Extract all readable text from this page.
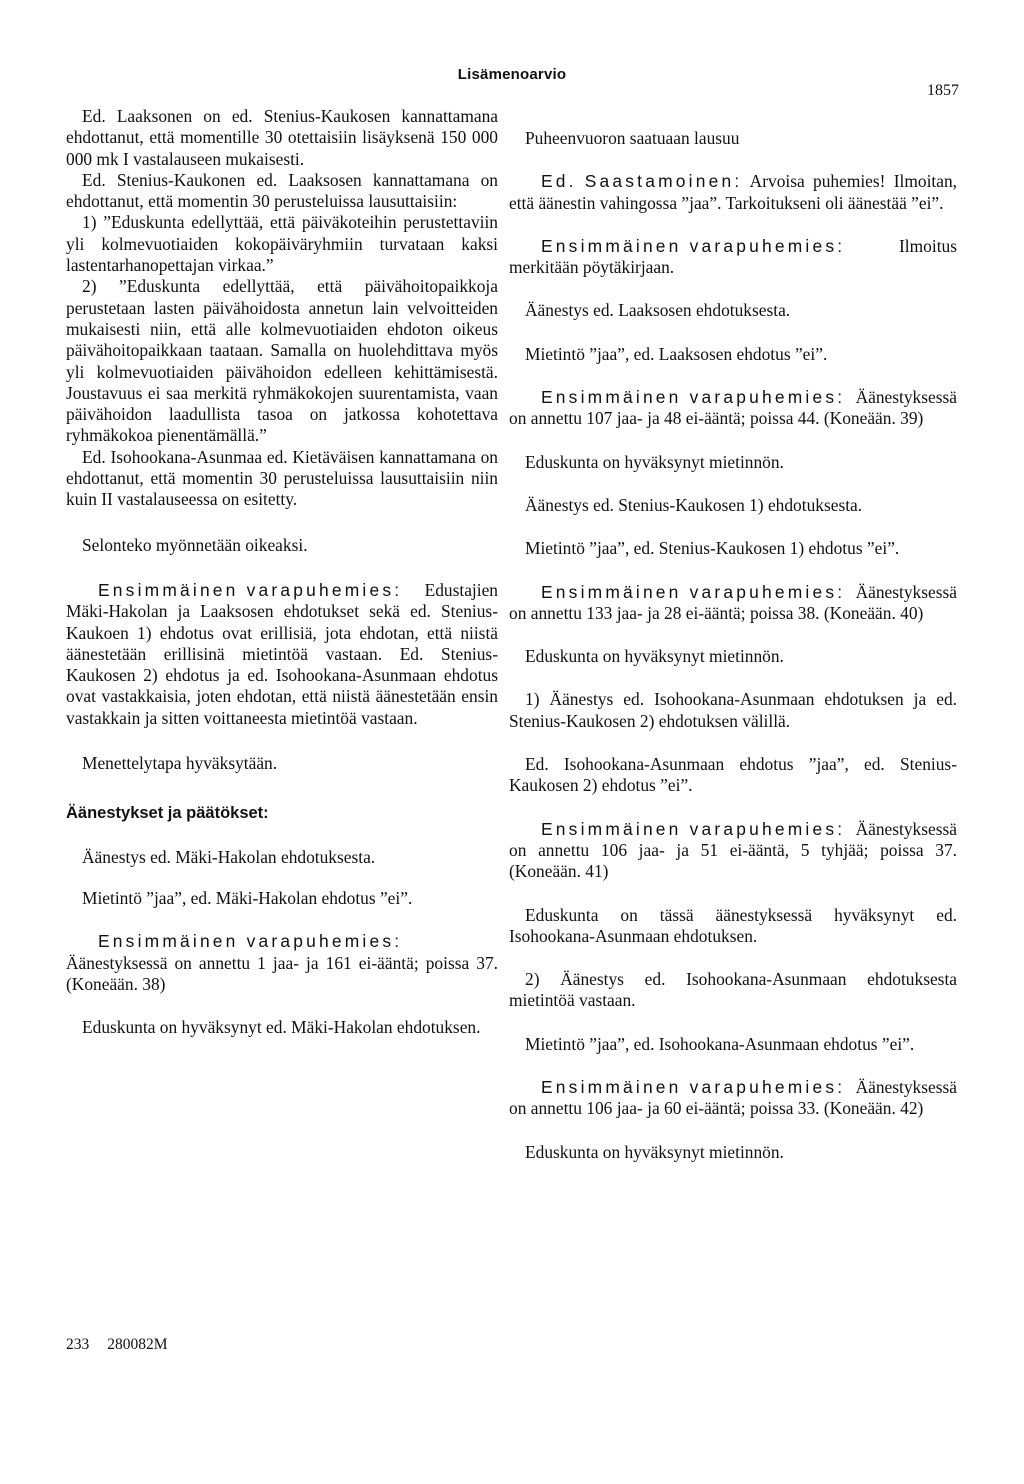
Lisämenoarvio
1857

Ed. Laaksonen on ed. Stenius-Kaukosen kannattamana ehdottanut, että momentille 30 otettaisiin lisäyksenä 150 000 000 mk I vastalauseen mukaisesti.

Ed. Stenius-Kaukonen ed. Laaksosen kannattamana on ehdottanut, että momentin 30 perusteluissa lausuttaisiin:

1) ”Eduskunta edellyttää, että päiväkoteihin perustettaviin yli kolmevuotiaiden kokopäiväryhmiin turvataan kaksi lastentarhanopettajan virkaa.”

2) ”Eduskunta edellyttää, että päivähoitopaikkoja perustetaan lasten päivähoidosta annetun lain velvoitteiden mukaisesti niin, että alle kolmevuotiaiden ehdoton oikeus päivähoitopaikkaan taataan. Samalla on huolehdittava myös yli kolmevuotiaiden päivähoidon edelleen kehittämisestä. Joustavuus ei saa merkitä ryhmäkokojen suurentamista, vaan päivähoidon laadullista tasoa on jatkossa kohotettava ryhmäkokoa pienentämällä.”

Ed. Isohookana-Asunmaa ed. Kietäväisen kannattamana on ehdottanut, että momentin 30 perusteluissa lausuttaisiin niin kuin II vastalauseessa on esitetty.

Selonteko myönnetään oikeaksi.

Ensimmäinen varapuhemies: Edustajien Mäki-Hakolan ja Laaksosen ehdotukset sekä ed. Stenius-Kaukoen 1) ehdotus ovat erillisiä, jota ehdotan, että niistä äänestetään erillisinä mietintöä vastaan. Ed. Stenius-Kaukosen 2) ehdotus ja ed. Isohookana-Asunmaan ehdotus ovat vastakkaisia, joten ehdotan, että niistä äänestetään ensin vastakkain ja sitten voittaneesta mietintöä vastaan.

Menettelytapa hyväksytään.

Äänestykset ja päätökset:

Äänestys ed. Mäki-Hakolan ehdotuksesta.

Mietintö ”jaa”, ed. Mäki-Hakolan ehdotus ”ei”.

Ensimmäinen varapuhemies: Äänestyksessä on annettu 1 jaa- ja 161 ei-ääntä; poissa 37. (Koneään. 38)

Eduskunta on hyväksynyt ed. Mäki-Hakolan ehdotuksen.

Puheenvuoron saatuaan lausuu

Ed. Saastamoinen: Arvoisa puhemies! Ilmoitan, että äänestin vahingossa ”jaa”. Tarkoitukseni oli äänestää ”ei”.

Ensimmäinen varapuhemies: Ilmoitus merkitään pöytäkirjaan.

Äänestys ed. Laaksosen ehdotuksesta.

Mietintö ”jaa”, ed. Laaksosen ehdotus ”ei”.

Ensimmäinen varapuhemies: Äänestyksessä on annettu 107 jaa- ja 48 ei-ääntä; poissa 44. (Koneään. 39)

Eduskunta on hyväksynyt mietinnön.

Äänestys ed. Stenius-Kaukosen 1) ehdotuksesta.

Mietintö ”jaa”, ed. Stenius-Kaukosen 1) ehdotus ”ei”.

Ensimmäinen varapuhemies: Äänestyksessä on annettu 133 jaa- ja 28 ei-ääntä; poissa 38. (Koneään. 40)

Eduskunta on hyväksynyt mietinnön.

1) Äänestys ed. Isohookana-Asunmaan ehdotuksen ja ed. Stenius-Kaukosen 2) ehdotuksen välillä.

Ed. Isohookana-Asunmaan ehdotus ”jaa”, ed. Stenius-Kaukosen 2) ehdotus ”ei”.

Ensimmäinen varapuhemies: Äänestyksessä on annettu 106 jaa- ja 51 ei-ääntä, 5 tyhjää; poissa 37. (Koneään. 41)

Eduskunta on tässä äänestyksessä hyväksynyt ed. Isohookana-Asunmaan ehdotuksen.

2) Äänestys ed. Isohookana-Asunmaan ehdotuksesta mietintöä vastaan.

Mietintö ”jaa”, ed. Isohookana-Asunmaan ehdotus ”ei”.

Ensimmäinen varapuhemies: Äänestyksessä on annettu 106 jaa- ja 60 ei-ääntä; poissa 33. (Koneään. 42)

Eduskunta on hyväksynyt mietinnön.

233 280082M
